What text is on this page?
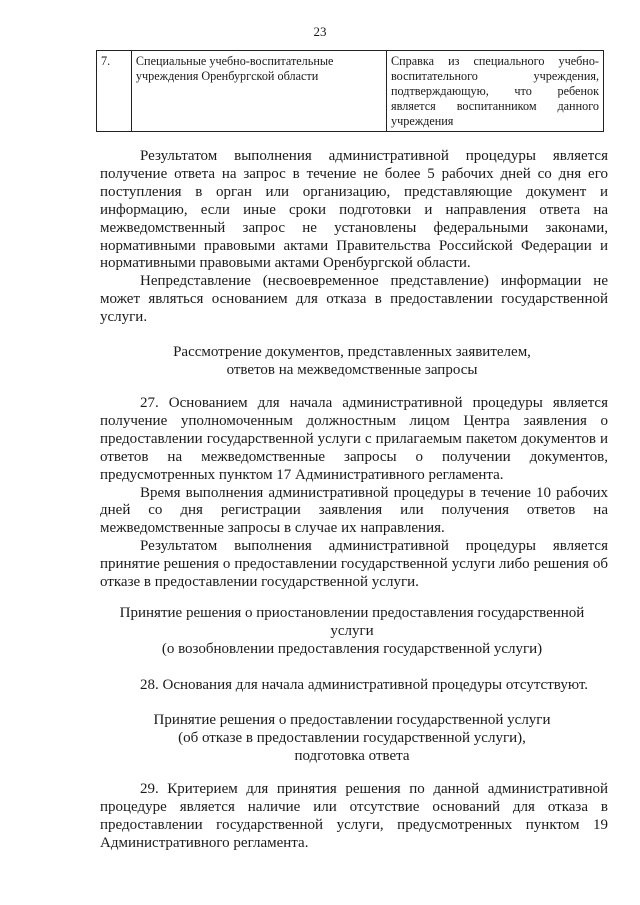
23
7.	Специальные учебно-воспитательные учреждения Оренбургской области	Справка из специального учебно-воспитательного учреждения, подтверждающую, что ребенок является воспитанником данного учреждения

Результатом выполнения административной процедуры является получение ответа на запрос в течение не более 5 рабочих дней со дня его поступления в орган или организацию, представляющие документ и информацию, если иные сроки подготовки и направления ответа на межведомственный запрос не установлены федеральными законами, нормативными правовыми актами Правительства Российской Федерации и нормативными правовыми актами Оренбургской области.

Непредставление (несвоевременное представление) информации не может являться основанием для отказа в предоставлении государственной услуги.

Рассмотрение документов, представленных заявителем,
ответов на межведомственные запросы

27. Основанием для начала административной процедуры является получение уполномоченным должностным лицом Центра заявления о предоставлении государственной услуги с прилагаемым пакетом документов и ответов на межведомственные запросы о получении документов, предусмотренных пунктом 17 Административного регламента.

Время выполнения административной процедуры в течение 10 рабочих дней со дня регистрации заявления или получения ответов на межведомственные запросы в случае их направления.

Результатом выполнения административной процедуры является принятие решения о предоставлении государственной услуги либо решения об отказе в предоставлении государственной услуги.

Принятие решения о приостановлении предоставления государственной
услуги
(о возобновлении предоставления государственной услуги)

28. Основания для начала административной процедуры отсутствуют.

Принятие решения о предоставлении государственной услуги
(об отказе в предоставлении государственной услуги),
подготовка ответа

29. Критерием для принятия решения по данной административной процедуре является наличие или отсутствие оснований для отказа в предоставлении государственной услуги, предусмотренных пунктом 19 Административного регламента.
